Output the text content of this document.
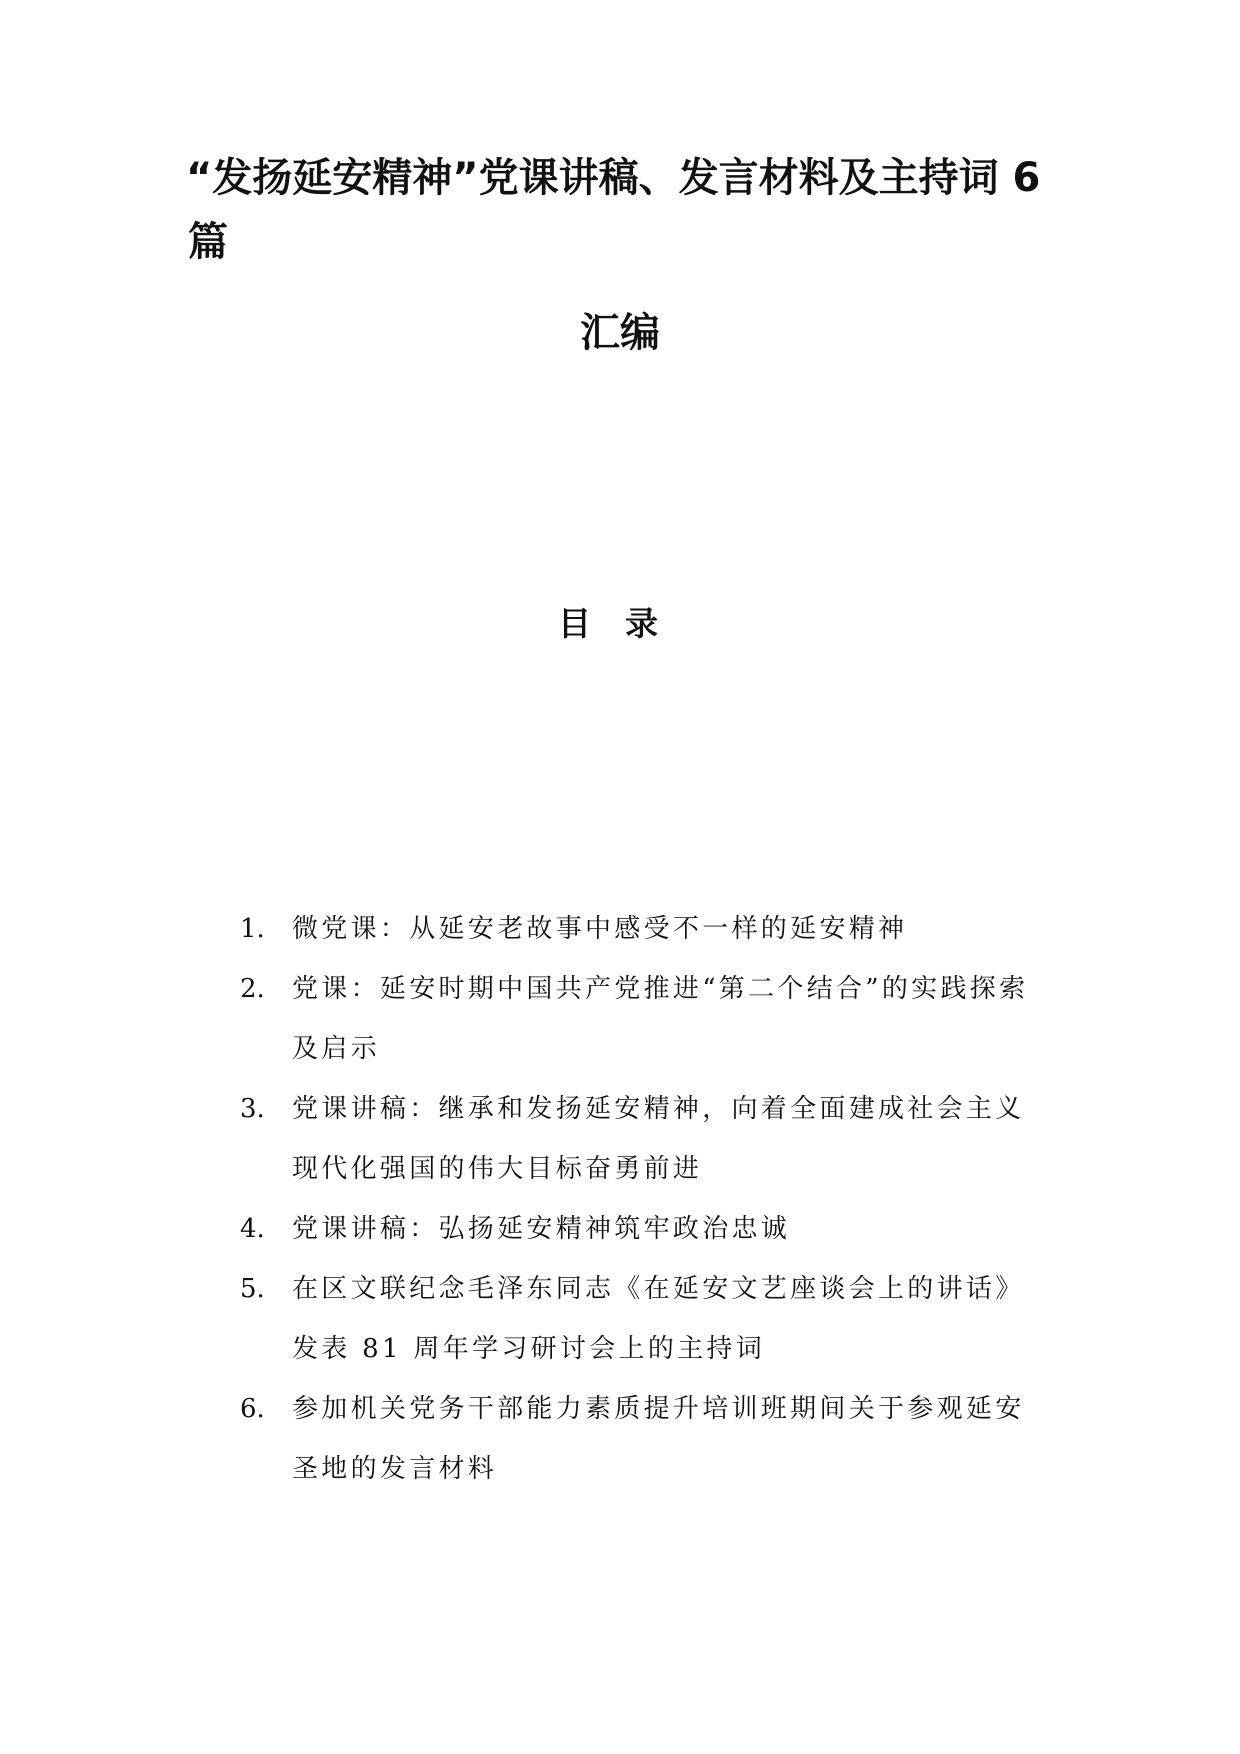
“发扬延安精神”党课讲稿、发言材料及主持词 6
篇
汇编
目录
1. 微党课：从延安老故事中感受不一样的延安精神
2. 党课：延安时期中国共产党推进“第二个结合”的实践探索及启示
3. 党课讲稿：继承和发扬延安精神，向着全面建成社会主义现代化强国的伟大目标奋勇前进
4. 党课讲稿：弘扬延安精神筑牢政治忠诚
5. 在区文联纪念毛泽东同志《在延安文艺座谈会上的讲话》发表 81 周年学习研讨会上的主持词
6. 参加机关党务干部能力素质提升培训班期间关于参观延安圣地的发言材料
